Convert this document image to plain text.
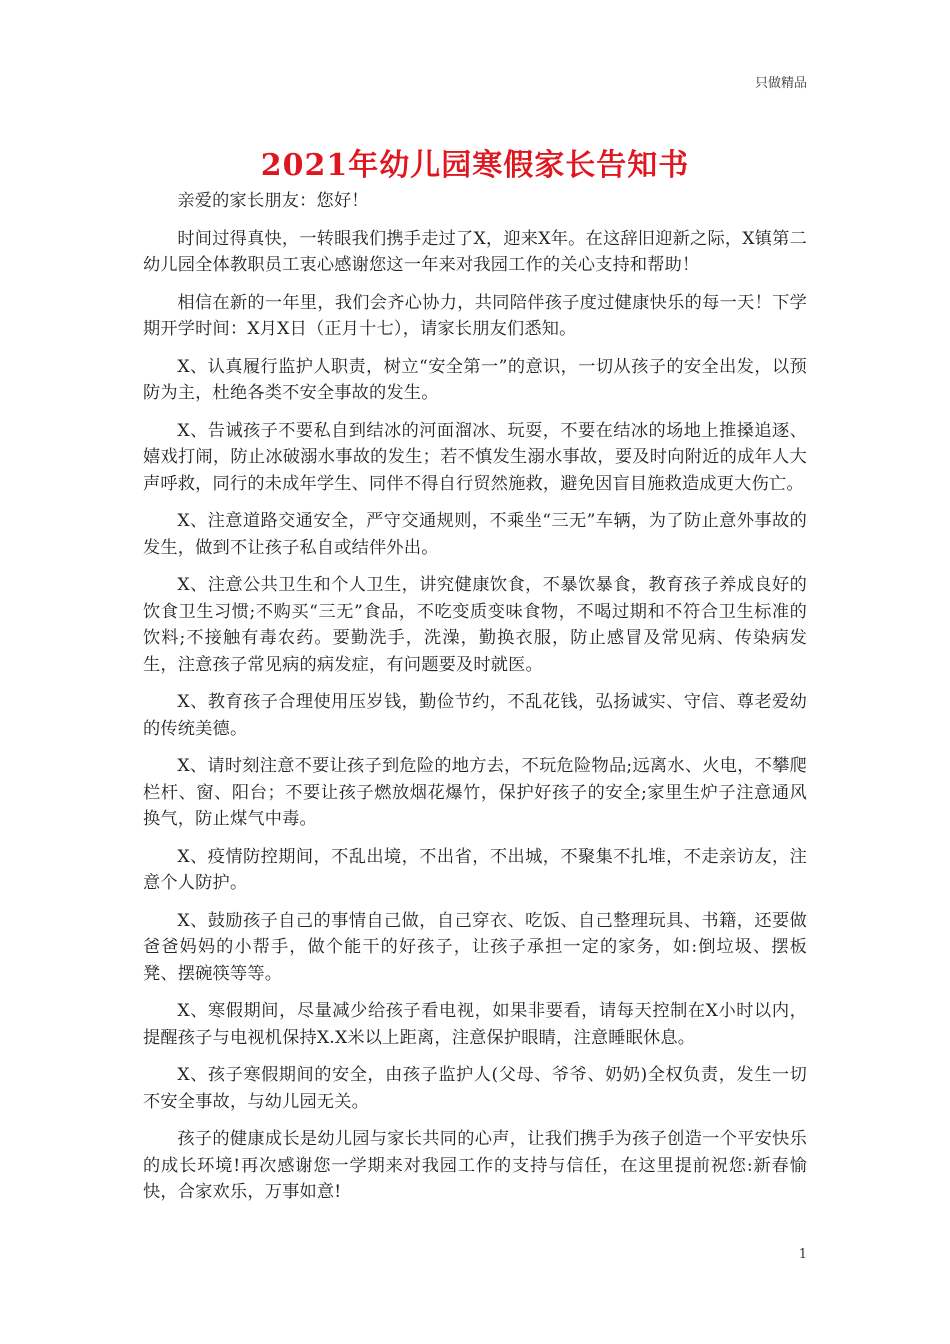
只做精品
2021年幼儿园寒假家长告知书

亲爱的家长朋友：您好！

时间过得真快，一转眼我们携手走过了X，迎来X年。在这辞旧迎新之际，X镇第二幼儿园全体教职员工衷心感谢您这一年来对我园工作的关心支持和帮助！

相信在新的一年里，我们会齐心协力，共同陪伴孩子度过健康快乐的每一天！下学期开学时间：X月X日（正月十七），请家长朋友们悉知。

X、认真履行监护人职责，树立“安全第一”的意识，一切从孩子的安全出发，以预防为主，杜绝各类不安全事故的发生。

X、告诫孩子不要私自到结冰的河面溜冰、玩耍，不要在结冰的场地上推搡追逐、嬉戏打闹，防止冰破溺水事故的发生；若不慎发生溺水事故，要及时向附近的成年人大声呼救，同行的未成年学生、同伴不得自行贸然施救，避免因盲目施救造成更大伤亡。

X、注意道路交通安全，严守交通规则，不乘坐“三无”车辆，为了防止意外事故的发生，做到不让孩子私自或结伴外出。

X、注意公共卫生和个人卫生，讲究健康饮食，不暴饮暴食，教育孩子养成良好的饮食卫生习惯;不购买“三无”食品，不吃变质变味食物，不喝过期和不符合卫生标准的饮料;不接触有毒农药。要勤洗手，洗澡，勤换衣服，防止感冒及常见病、传染病发生，注意孩子常见病的病发症，有问题要及时就医。

X、教育孩子合理使用压岁钱，勤俭节约，不乱花钱，弘扬诚实、守信、尊老爱幼的传统美德。

X、请时刻注意不要让孩子到危险的地方去，不玩危险物品;远离水、火电，不攀爬栏杆、窗、阳台；不要让孩子燃放烟花爆竹，保护好孩子的安全;家里生炉子注意通风换气，防止煤气中毒。

X、疫情防控期间，不乱出境，不出省，不出城，不聚集不扎堆，不走亲访友，注意个人防护。

X、鼓励孩子自己的事情自己做，自己穿衣、吃饭、自己整理玩具、书籍，还要做爸爸妈妈的小帮手，做个能干的好孩子，让孩子承担一定的家务，如:倒垃圾、摆板凳、摆碗筷等等。

X、寒假期间，尽量减少给孩子看电视，如果非要看，请每天控制在X小时以内，提醒孩子与电视机保持X.X米以上距离，注意保护眼睛，注意睡眠休息。

X、孩子寒假期间的安全，由孩子监护人(父母、爷爷、奶奶)全权负责，发生一切不安全事故，与幼儿园无关。

孩子的健康成长是幼儿园与家长共同的心声，让我们携手为孩子创造一个平安快乐的成长环境!再次感谢您一学期来对我园工作的支持与信任，在这里提前祝您:新春愉快，合家欢乐，万事如意!

1
